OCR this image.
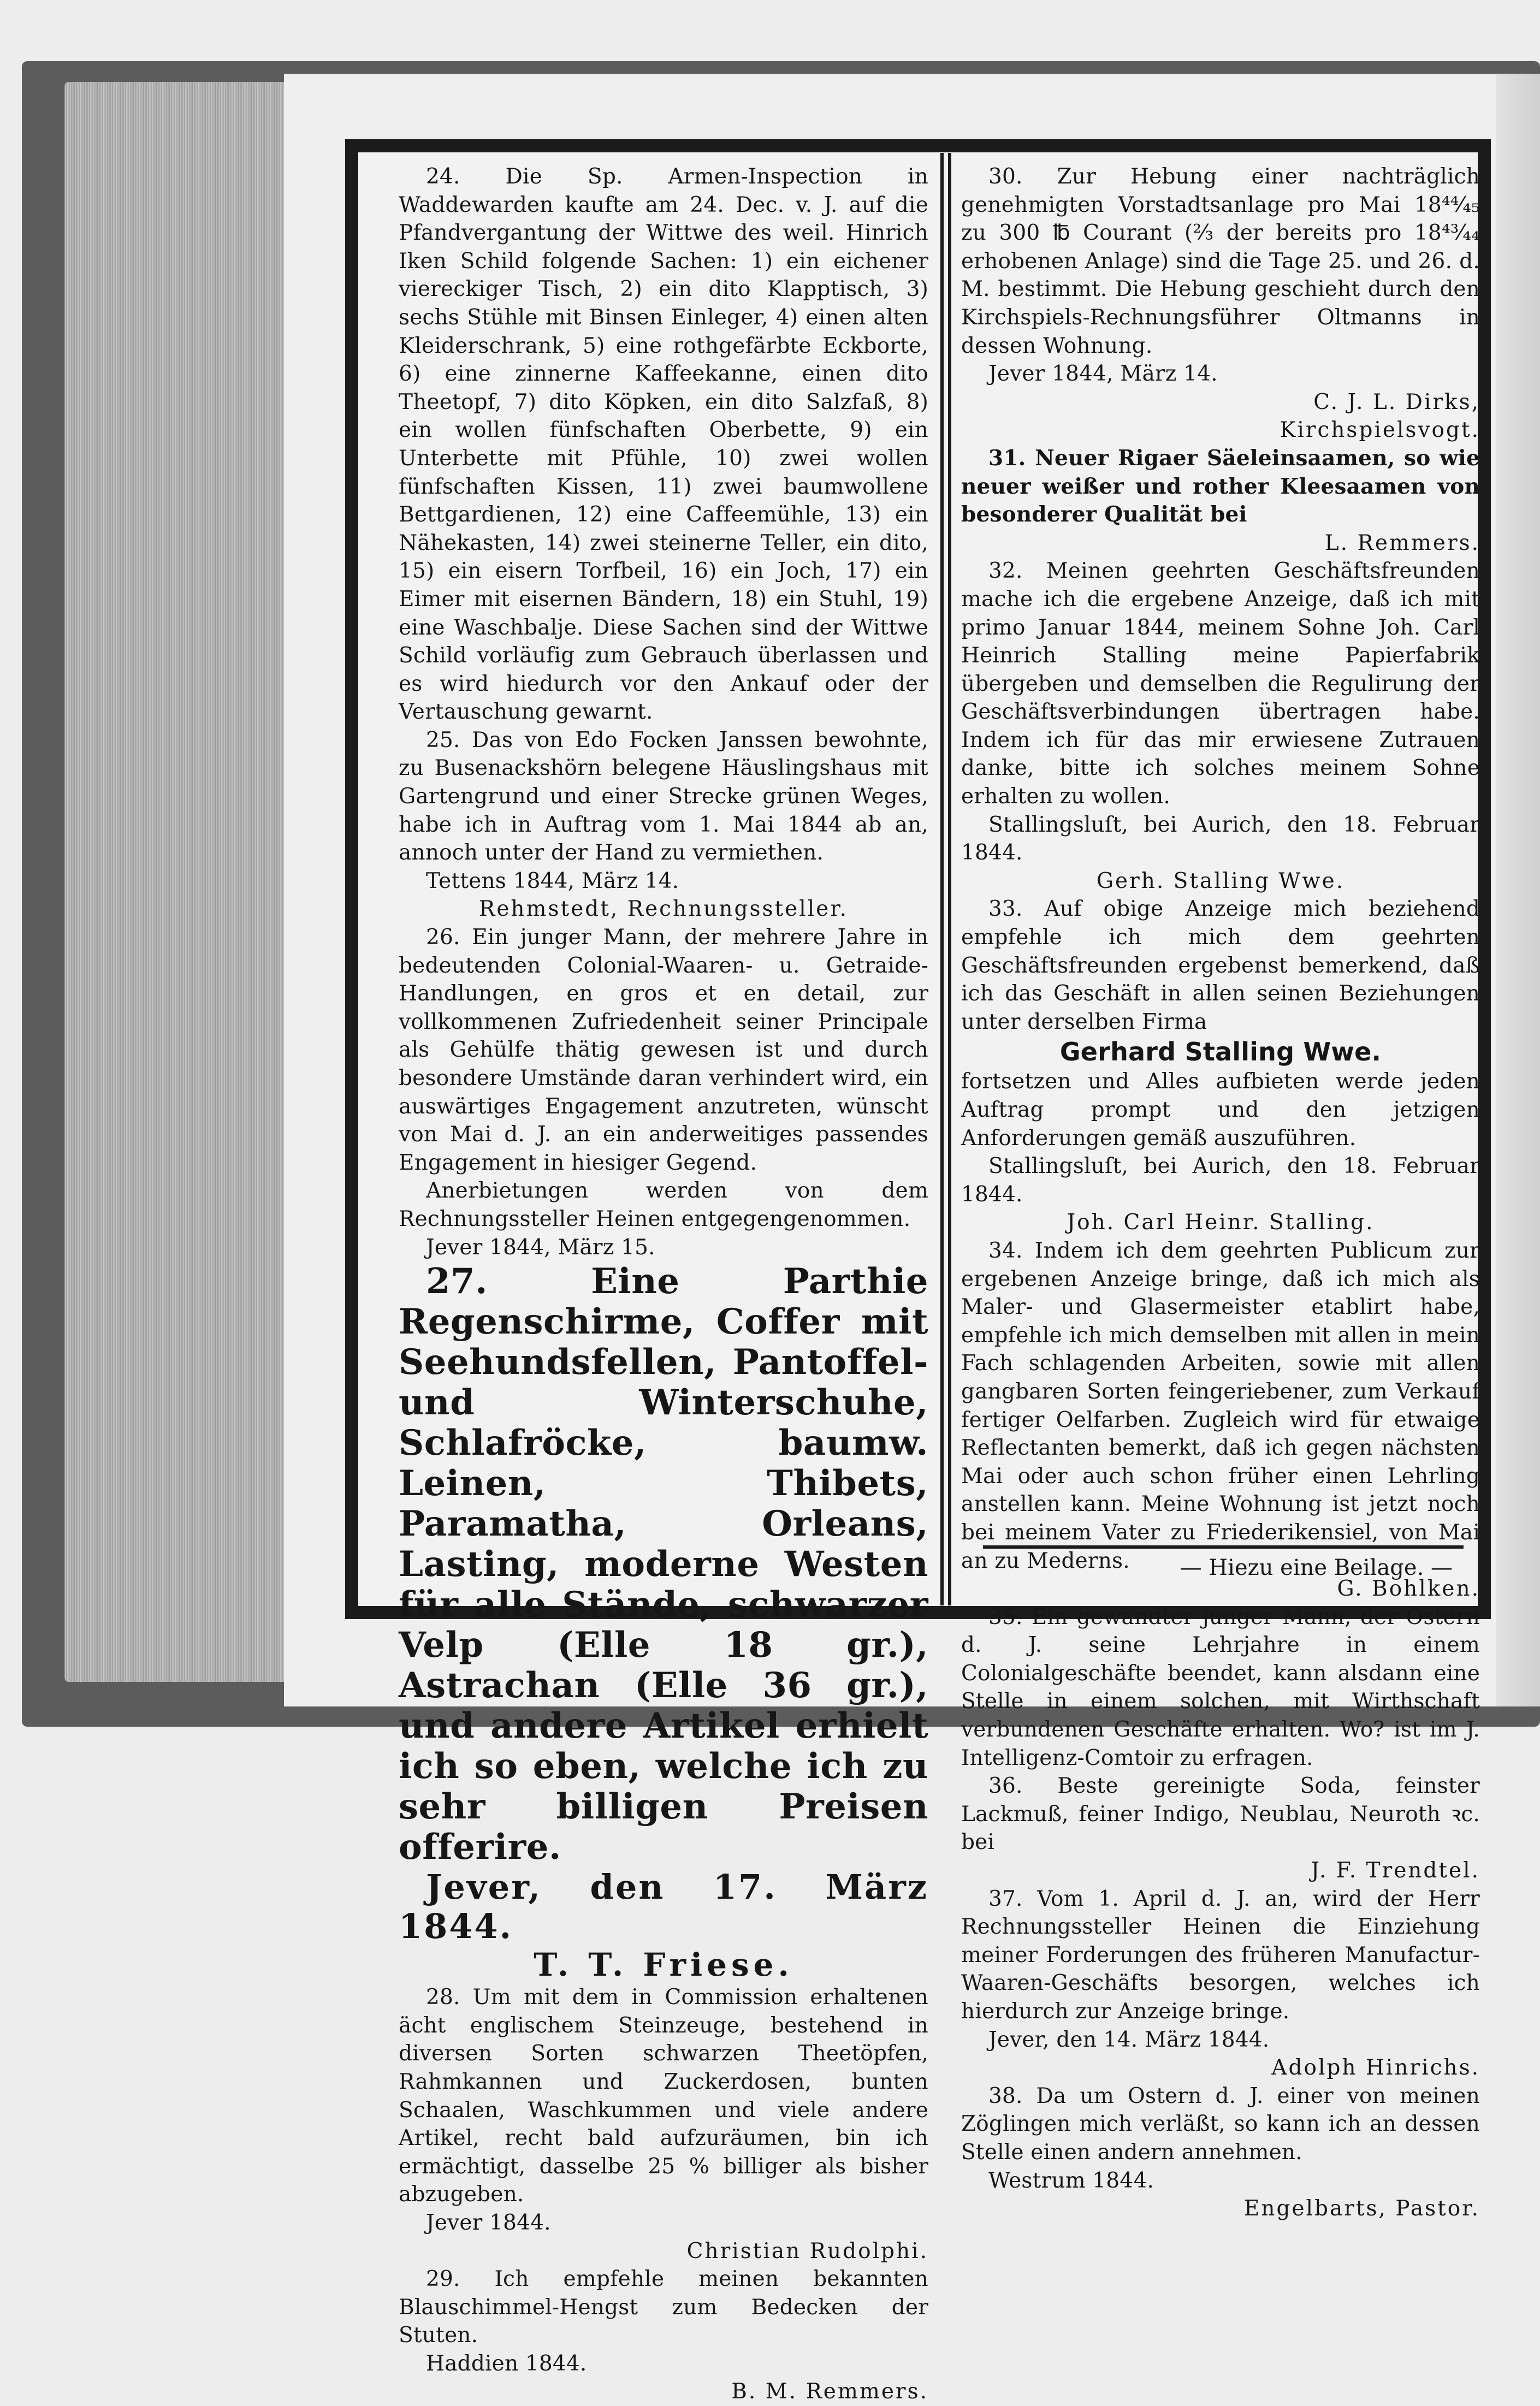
24. Die Sp. Armen-Inspection in Waddewarden kaufte am 24. Dec. v. J. auf die Pfandvergantung der Wittwe des weil. Hinrich Iken Schild folgende Sachen: 1) ein eichener viereckiger Tisch, 2) ein dito Klapptisch, 3) sechs Stühle mit Binsen Einleger, 4) einen alten Kleiderschrank, 5) eine rothgefärbte Eckborte, 6) eine zinnerne Kaffeekanne, einen dito Theetopf, 7) dito Köpken, ein dito Salzfaß, 8) ein wollen fünfschaften Oberbette, 9) ein Unterbette mit Pfühle, 10) zwei wollen fünfschaften Kissen, 11) zwei baumwollene Bettgardienen, 12) eine Caffeemühle, 13) ein Nähekasten, 14) zwei steinerne Teller, ein dito, 15) ein eisern Torfbeil, 16) ein Joch, 17) ein Eimer mit eisernen Bändern, 18) ein Stuhl, 19) eine Waschbalje. Diese Sachen sind der Wittwe Schild vorläufig zum Gebrauch überlassen und es wird hiedurch vor den Ankauf oder der Vertauschung gewarnt.

25. Das von Edo Focken Janssen bewohnte, zu Busenackshörn belegene Häuslingshaus mit Gartengrund und einer Strecke grünen Weges, habe ich in Auftrag vom 1. Mai 1844 ab an, annoch unter der Hand zu vermiethen.

Tettens 1844, März 14.

Rehmstedt, Rechnungssteller.

26. Ein junger Mann, der mehrere Jahre in bedeutenden Colonial-Waaren- u. Getraide-Handlungen, en gros et en detail, zur vollkommenen Zufriedenheit seiner Principale als Gehülfe thätig gewesen ist und durch besondere Umstände daran verhindert wird, ein auswärtiges Engagement anzutreten, wünscht von Mai d. J. an ein anderweitiges passendes Engagement in hiesiger Gegend.

Anerbietungen werden von dem Rechnungssteller Heinen entgegengenommen.

Jever 1844, März 15.

27. Eine Parthie Regenschirme, Coffer mit Seehundsfellen, Pantoffel- und Winterschuhe, Schlafröcke, baumw. Leinen, Thibets, Paramatha, Orleans, Lasting, moderne Westen für alle Stände, schwarzer Velp (Elle 18 gr.), Astrachan (Elle 36 gr.), und andere Artikel erhielt ich so eben, welche ich zu sehr billigen Preisen offerire.

Jever, den 17. März 1844.

T. T. Friese.

28. Um mit dem in Commission erhaltenen ächt englischem Steinzeuge, bestehend in diversen Sorten schwarzen Theetöpfen, Rahmkannen und Zuckerdosen, bunten Schaalen, Waschkummen und viele andere Artikel, recht bald aufzuräumen, bin ich ermächtigt, dasselbe 25 % billiger als bisher abzugeben.

Jever 1844.

Christian Rudolphi.

29. Ich empfehle meinen bekannten Blauschimmel-Hengst zum Bedecken der Stuten.

Haddien 1844.

B. M. Remmers.

30. Zur Hebung einer nachträglich genehmigten Vorstadtsanlage pro Mai 18⁴⁴⁄₄₅ zu 300 ℔ Courant (⅔ der bereits pro 18⁴³⁄₄₄ erhobenen Anlage) sind die Tage 25. und 26. d. M. bestimmt. Die Hebung geschieht durch den Kirchspiels-Rechnungsführer Oltmanns in dessen Wohnung.

Jever 1844, März 14.

C. J. L. Dirks,

Kirchspielsvogt.

31. Neuer Rigaer Säeleinsaamen, so wie neuer weißer und rother Kleesaamen von besonderer Qualität bei

L. Remmers.

32. Meinen geehrten Geschäftsfreunden mache ich die ergebene Anzeige, daß ich mit primo Januar 1844, meinem Sohne Joh. Carl Heinrich Stalling meine Papierfabrik übergeben und demselben die Regulirung der Geschäftsverbindungen übertragen habe. Indem ich für das mir erwiesene Zutrauen danke, bitte ich solches meinem Sohne erhalten zu wollen.

Stallingsluſt, bei Aurich, den 18. Februar 1844.

Gerh. Stalling Wwe.

33. Auf obige Anzeige mich beziehend empfehle ich mich dem geehrten Geschäftsfreunden ergebenst bemerkend, daß ich das Geschäft in allen seinen Beziehungen unter derselben Firma

Gerhard Stalling Wwe.

fortsetzen und Alles aufbieten werde jeden Auftrag prompt und den jetzigen Anforderungen gemäß auszuführen.

Stallingsluſt, bei Aurich, den 18. Februar 1844.

Joh. Carl Heinr. Stalling.

34. Indem ich dem geehrten Publicum zur ergebenen Anzeige bringe, daß ich mich als Maler- und Glasermeister etablirt habe, empfehle ich mich demselben mit allen in mein Fach schlagenden Arbeiten, sowie mit allen gangbaren Sorten feingeriebener, zum Verkauf fertiger Oelfarben. Zugleich wird für etwaige Reflectanten bemerkt, daß ich gegen nächsten Mai oder auch schon früher einen Lehrling anstellen kann. Meine Wohnung ist jetzt noch bei meinem Vater zu Friederikensiel, von Mai an zu Mederns.

G. Bohlken.

35. Ein gewandter junger Mann, der Ostern d. J. seine Lehrjahre in einem Colonialgeschäfte beendet, kann alsdann eine Stelle in einem solchen, mit Wirthschaft verbundenen Geschäfte erhalten. Wo? ist im J. Intelligenz-Comtoir zu erfragen.

36. Beste gereinigte Soda, feinster Lackmuß, feiner Indigo, Neublau, Neuroth ꝛc. bei

J. F. Trendtel.

37. Vom 1. April d. J. an, wird der Herr Rechnungssteller Heinen die Einziehung meiner Forderungen des früheren Manufactur-Waaren-Geschäfts besorgen, welches ich hierdurch zur Anzeige bringe.

Jever, den 14. März 1844.

Adolph Hinrichs.

38. Da um Ostern d. J. einer von meinen Zöglingen mich verläßt, so kann ich an dessen Stelle einen andern annehmen.

Westrum 1844.

Engelbarts, Pastor.

— Hiezu eine Beilage. —
